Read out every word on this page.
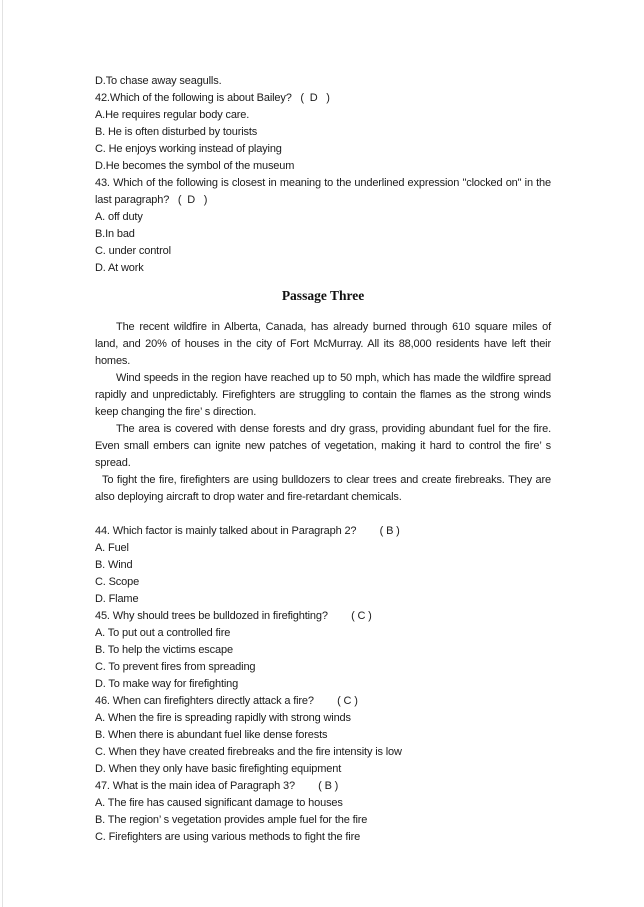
D.To chase away seagulls.
42.Which of the following is about Bailey?   (  D   )
A.He requires regular body care.
B. He is often disturbed by tourists
C. He enjoys working instead of playing
D.He becomes the symbol of the museum

43. Which of the following is closest in meaning to the underlined expression "clocked on" in the last paragraph?   (  D   )

A. off duty
B.In bad
C. under control
D. At work
Passage Three

The recent wildfire in Alberta, Canada, has already burned through 610 square miles of land, and 20% of houses in the city of Fort McMurray. All its 88,000 residents have left their homes.

Wind speeds in the region have reached up to 50 mph, which has made the wildfire spread rapidly and unpredictably. Firefighters are struggling to contain the flames as the strong winds keep changing the fire’ s direction.

The area is covered with dense forests and dry grass, providing abundant fuel for the fire. Even small embers can ignite new patches of vegetation, making it hard to control the fire’ s spread.

To fight the fire, firefighters are using bulldozers to clear trees and create firebreaks. They are also deploying aircraft to drop water and fire-retardant chemicals.

44. Which factor is mainly talked about in Paragraph 2?        ( B )
A. Fuel
B. Wind
C. Scope
D. Flame
45. Why should trees be bulldozed in firefighting?        ( C )
A. To put out a controlled fire
B. To help the victims escape
C. To prevent fires from spreading
D. To make way for firefighting
46. When can firefighters directly attack a fire?        ( C )
A. When the fire is spreading rapidly with strong winds
B. When there is abundant fuel like dense forests
C. When they have created firebreaks and the fire intensity is low
D. When they only have basic firefighting equipment
47. What is the main idea of Paragraph 3?        ( B )
A. The fire has caused significant damage to houses
B. The region’ s vegetation provides ample fuel for the fire
C. Firefighters are using various methods to fight the fire
